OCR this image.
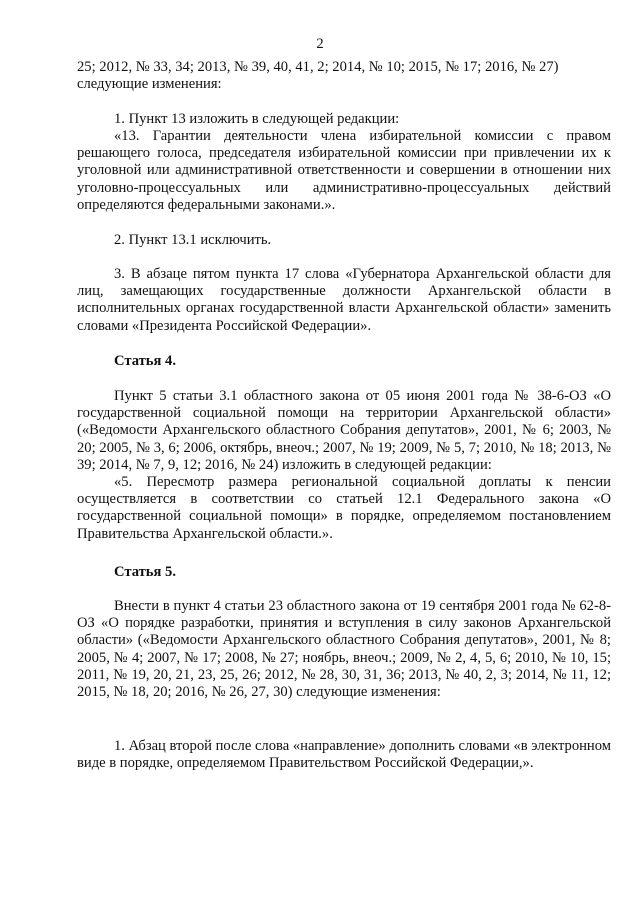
2

25; 2012, № 33, 34; 2013, № 39, 40, 41, 2; 2014, № 10; 2015, № 17; 2016, № 27)

следующие изменения:

1. Пункт 13 изложить в следующей редакции:

«13. Гарантии деятельности члена избирательной комиссии с правом решающего голоса, председателя избирательной комиссии при привлечении их к уголовной или административной ответственности и совершении в отношении них уголовно-процессуальных или административно-процессуальных действий определяются федеральными законами.».

2. Пункт 13.1 исключить.

3. В абзаце пятом пункта 17 слова «Губернатора Архангельской области для лиц, замещающих государственные должности Архангельской области в исполнительных органах государственной власти Архангельской области» заменить словами «Президента Российской Федерации».

Статья 4.

Пункт 5 статьи 3.1 областного закона от 05 июня 2001 года № 38-6-ОЗ «О государственной социальной помощи на территории Архангельской области» («Ведомости Архангельского областного Собрания депутатов», 2001, № 6; 2003, № 20; 2005, № 3, 6; 2006, октябрь, внеоч.; 2007, № 19; 2009, № 5, 7; 2010, № 18; 2013, № 39; 2014, № 7, 9, 12; 2016, № 24) изложить в следующей редакции:

«5. Пересмотр размера региональной социальной доплаты к пенсии осуществляется в соответствии со статьей 12.1 Федерального закона «О государственной социальной помощи» в порядке, определяемом постановлением Правительства Архангельской области.».

Статья 5.

Внести в пункт 4 статьи 23 областного закона от 19 сентября 2001 года № 62-8-ОЗ «О порядке разработки, принятия и вступления в силу законов Архангельской области» («Ведомости Архангельского областного Собрания депутатов», 2001, № 8; 2005, № 4; 2007, № 17; 2008, № 27; ноябрь, внеоч.; 2009, № 2, 4, 5, 6; 2010, № 10, 15; 2011, № 19, 20, 21, 23, 25, 26; 2012, № 28, 30, 31, 36; 2013, № 40, 2, 3; 2014, № 11, 12; 2015, № 18, 20; 2016, № 26, 27, 30) следующие изменения:

1. Абзац второй после слова «направление» дополнить словами «в электронном виде в порядке, определяемом Правительством Российской Федерации,».
